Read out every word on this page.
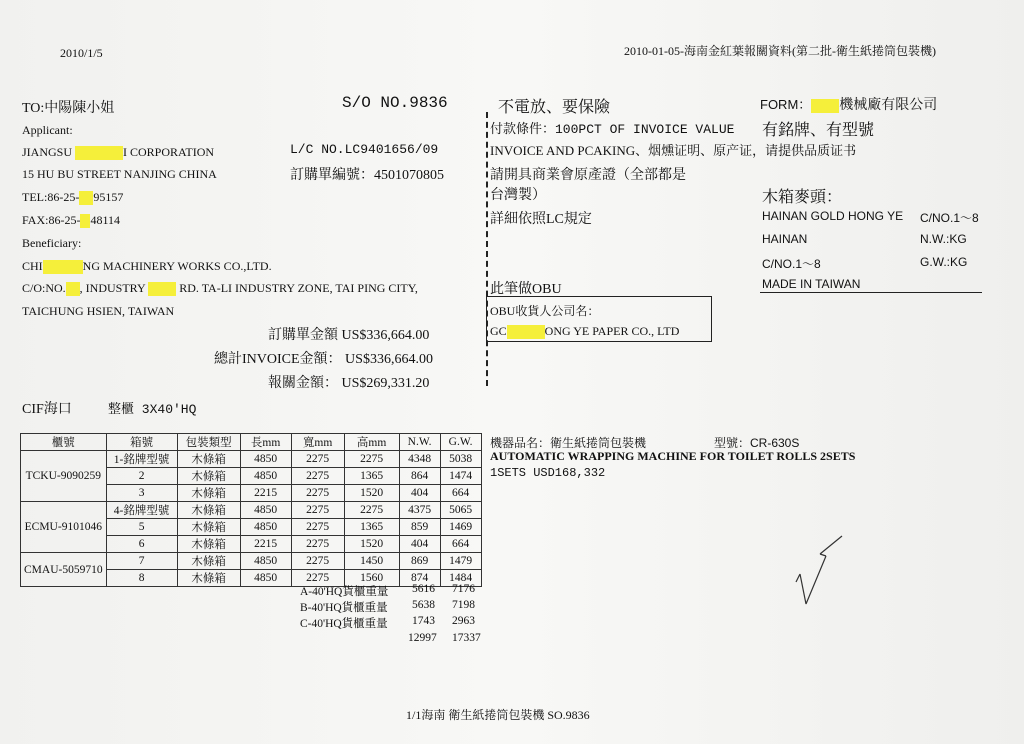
2010/1/5	2010-01-05-海南金紅葉報關資料(第二批-衛生紙捲筒包裝機)
TO:中陽陳小姐
Applicant:
JIANGSU	I CORPORATION
15 HU BU STREET NANJING CHINA
TEL:86-25- 95157
FAX:86-25- 48114
Beneficiary:
CHI	NG MACHINERY WORKS CO.,LTD.
C/O:NO. , INDUSTRY  RD. TA-LI INDUSTRY ZONE, TAI PING CITY,
TAICHUNG HSIEN, TAIWAN
S/O NO.9836
L/C NO.LC9401656/09
訂購單編號：4501070805
訂購單金額 US$336,664.00
總計INVOICE金額： US$336,664.00
報關金額： US$269,331.20
CIF海口	整櫃 3X40'HQ
不電放、要保險
付款條件：100PCT OF INVOICE VALUE
INVOICE AND PCAKING、烟燻证明、原产证，请提供品质证书
請開具商業會原產證（全部都是
台灣製）
詳細依照LC規定
此筆做OBU
OBU收貨人公司名：
GC	ONG YE PAPER CO., LTD
FORM： 機械廠有限公司
有銘牌、有型號
木箱麥頭：
HAINAN GOLD HONG YE C/NO.1～8
HAINAN	N.W.:KG
C/NO.1～8	G.W.:KG
MADE IN TAIWAN
機器品名：衛生紙捲筒包裝機	型號：CR-630S
AUTOMATIC WRAPPING MACHINE FOR TOILET ROLLS 2SETS
1SETS USD168,332
櫃號	箱號	包裝類型	長mm	寬mm	高mm	N.W.	G.W.
TCKU-9090259	1-銘牌型號	木條箱	4850	2275	2275	4348	5038
	2	木條箱	4850	2275	1365	864	1474
	3	木條箱	2215	2275	1520	404	664
ECMU-9101046	4-銘牌型號	木條箱	4850	2275	2275	4375	5065
	5	木條箱	4850	2275	1365	859	1469
	6	木條箱	2215	2275	1520	404	664
CMAU-5059710	7	木條箱	4850	2275	1450	869	1479
	8	木條箱	4850	2275	1560	874	1484
A-40'HQ貨櫃重量 5616 7176
B-40'HQ貨櫃重量 5638 7198
C-40'HQ貨櫃重量 1743 2963
12997 17337
1/1海南 衛生紙捲筒包裝機 SO.9836
